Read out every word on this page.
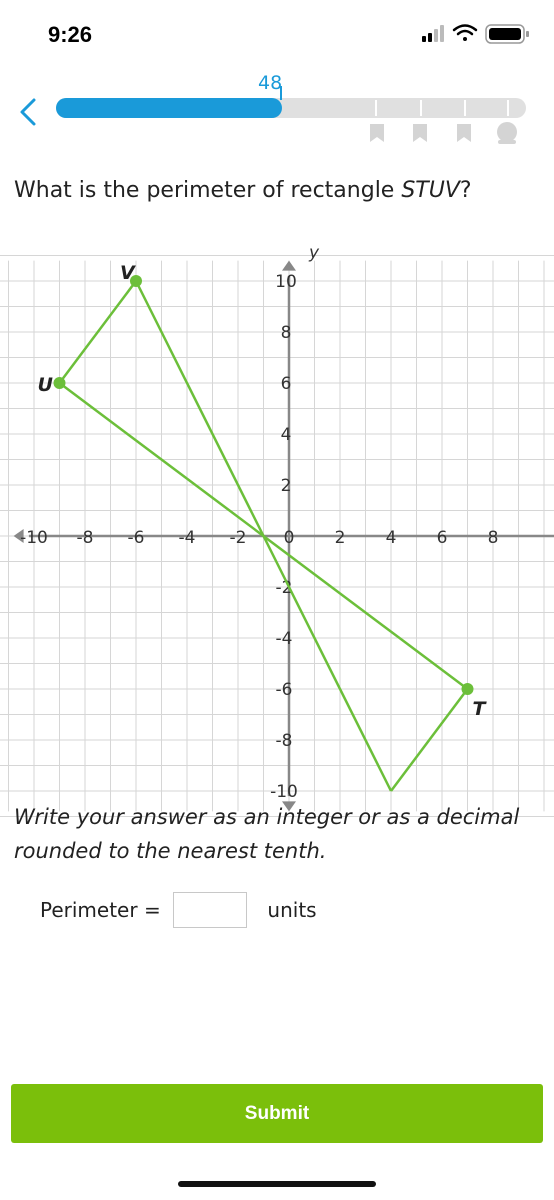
9:26
48
What is the perimeter of rectangle STUV?
-10 -8 -6 -4 -2 0 2 4 6 8
10
8
6
4
2
-2
-4
-6
-8
-10
y
V
U
T
Write your answer as an integer or as a decimal rounded to the nearest tenth.
Perimeter =	units
Submit
